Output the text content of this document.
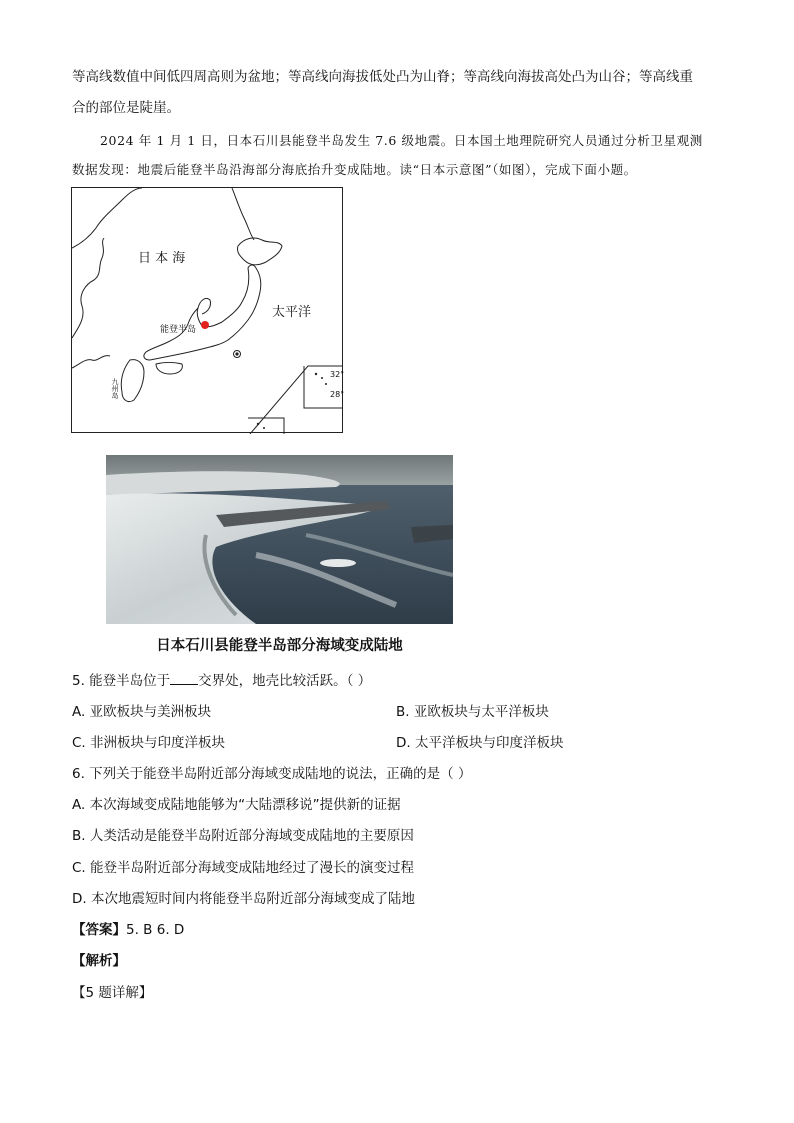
等高线数值中间低四周高则为盆地；等高线向海拔低处凸为山脊；等高线向海拔高处凸为山谷；等高线重
合的部位是陡崖。
2024 年 1 月 1 日，日本石川县能登半岛发生 7.6 级地震。日本国土地理院研究人员通过分析卫星观测
数据发现：地震后能登半岛沿海部分海底抬升变成陆地。读“日本示意图”（如图），完成下面小题。
日 本 海
太平洋
能登半岛
九州岛
32°
28°
日本石川县能登半岛部分海域变成陆地
5. 能登半岛位于 交界处，地壳比较活跃。（ ）
A. 亚欧板块与美洲板块	B. 亚欧板块与太平洋板块
C. 非洲板块与印度洋板块	D. 太平洋板块与印度洋板块
6. 下列关于能登半岛附近部分海域变成陆地的说法，正确的是（ ）
A. 本次海域变成陆地能够为“大陆漂移说”提供新的证据
B. 人类活动是能登半岛附近部分海域变成陆地的主要原因
C. 能登半岛附近部分海域变成陆地经过了漫长的演变过程
D. 本次地震短时间内将能登半岛附近部分海域变成了陆地
【答案】5. B 6. D
【解析】
【5 题详解】
